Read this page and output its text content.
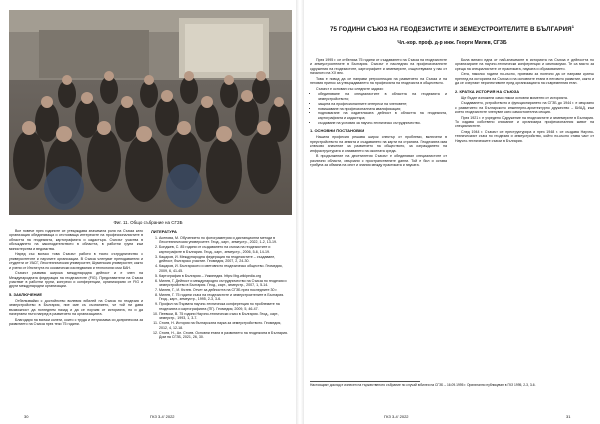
Фиг. 11. Общо събрание на СГЗБ

Все повече през годините се утвърждава значимата роля на Съюза като организация обединяваща и отстояваща интересите на професионалистите в областта на геодезията, картографията и кадастъра. Съюзът участва в обсъждането на законодателството в областта, в работни групи към министерства и ведомства.

Наред със всичко това Съюзът работи в тясно сътрудничество с университетите и научните организации. В Съюза членуват преподаватели и студенти от УАСГ, Лесотехническия университет, Шуменския университет, както и учени от Института по космически изследвания и технологии към БАН.

Съюзът развива широка международна дейност и е член на Международната федерация на геодезистите (FIG). Представители на Съюза участват в работни групи, конгреси и конференции, организирани от FIG и други международни организации.

5. ЗАКЛЮЧЕНИЕ

Отбелязвайки с достойнство волевия юбилей на Съюза по геодезия и земеустройство в България, ние сме съ съзнанието, че той ни дава възможност да погледнем назад и да се поучим от историята, но и да начертаем пътя напред в развитието на организацията.

Благодаря на всички колеги, които с труда и ентусиазма си допринесоха за развитието на Съюза през тези 75 години.

ЛИТЕРАТУРА
1. Асенова, М. Обучението по фотограметрия и дистанционни методи в Лесотехническия университет. Геод., карт., земеустр., 2022, 1-2, 13-19.
2. Бонджев, С. 85 години от създаването на съюза на геодезистите и картографите в България. Геод., карт., земеустр., 2006, 5-6, 14-19.
3. Кацаров, И. Международна федерация на геодезистите – създаване, дейност, българско участие. Геомедия, 2007, 2, 24-30.
4. Кацаров, И. Българското и световното геодезическо общество. Геомедия, 2009, 6, 41-45.
5. Картография в България – Уикипедия. https://bg.wikipedia.org
6. Милев, Г. Дейност и международно сътрудничество на Съюза по геодезия и земеустройство в България. Геод., карт., земеустр., 2007, 1, 5-14.
7. Милев, Г., И. Кътев. Отчет за дейността на СГЗБ през последните 30 г.
8. Милев, Г. 75 години съюз на геодезистите и земеустроителите в България. Геод., карт., земеустр., 1995, 2-3, 3-6.
9. Профил на Първата научно-техническа конференция по проблемите на геодезията и картографията (ПГ). Геомедия, 2009, 5, 46-47.
10. Пеевски, В. 75 години Научно-технически съюз в България. Геод., карт., земеустр., 1993, 1, 3-7.
11. Стоев, Н. История на българската наука за земеустройството. Геомедия, 2012, 4, 12-18.
12. Стоев, Н., Ал. Стоев. Основни етапи в развитието на геодезията в България. Дом на СГЗБ, 2021, 26, 30.
30	ГКЗ 3-4' 2022
75 ГОДИНИ СЪЮЗ НА ГЕОДЕЗИСТИТЕ И ЗЕМЕУСТРОИТЕЛИТЕ В БЪЛГАРИЯ$^1$
Чл.-кор. проф. д-р инж. Георги Милев, СГЗБ

През 1995 г. се отбеляза 75 години от създаването на Съюза на геодезистите и земеустроителите в България. Съюзът е наследник на професионалните сдружения на геодезистите, картографите и земемерите, съществували у нас от началото на XX век.

Това е повод да се направи ретроспекция на развитието на Съюза и на неговия принос за утвърждаването на професията на геодезиста в обществото.

Съюзът е основан със следните задачи:

• обединяване на специалистите в областта на геодезията и земеустройството;
• защита на професионалните интереси на членовете;
• повишаване на професионалната квалификация;
• подпомагане на издателската дейност в областта на геодезията, картографията и кадастъра;
• създаване на условия за научно-техническо сътрудничество.
1. ОСНОВНИ ПОСТАНОВКИ

Нашата професия решава широк спектър от проблеми, включени в преустройството на земята и създаването на карти на страната. Геодезията има ключово значение за развитието на обществото, за изграждането на инфраструктурата и опазването на околната среда.

В продължение на десетилетия Съюзът е обединявал специалистите от различни области, свързани с пространствените данни. Той е бил и остава трибуна за обмяна на опит и знания между практиката и науката.

Била винаги една от най-значимите в историята на Съюза е дейността по организиране на научно-технически конференции и симпозиуми. Те са място за среща на специалистите от практиката, науката и образованието.

Сега, няколко години по-късно, приемам за полезно да се направи кратък преглед на историята на Съюза и на основните етапи в неговото развитие, както и да се очертаят перспективите пред организацията на съвременния етап.

2. КРАТКА ИСТОРИЯ НА СЪЮЗА

Ще бъдат изложени само някои основни моменти от историята.

Създаването, устройството и функционирането на СГЗБ до 1944 г. е свързано с развитието на Българското инженерно-архитектурно дружество – БИАД, към което геодезистите членуват като самостоятелна секция.

През 1921 г. е учредено Сдружение на геодезистите и земемерите в България. То издава собствено списание и организира професионалния живот на специалистите.

След 1944 г. Съюзът се преструктурира и през 1948 г. се създава Научно-техническият съюз по геодезия и земеустройство, който по-късно става част от Научно-техническите съюзи в България.

Настоящият доклад е изнесен на тържественото събрание по случай юбилея на СГЗБ – 16.09.1995 г. Оригинално публикуван в ГКЗ 1995, 2-3, 3-6.
ГКЗ 3-4' 2022	31
